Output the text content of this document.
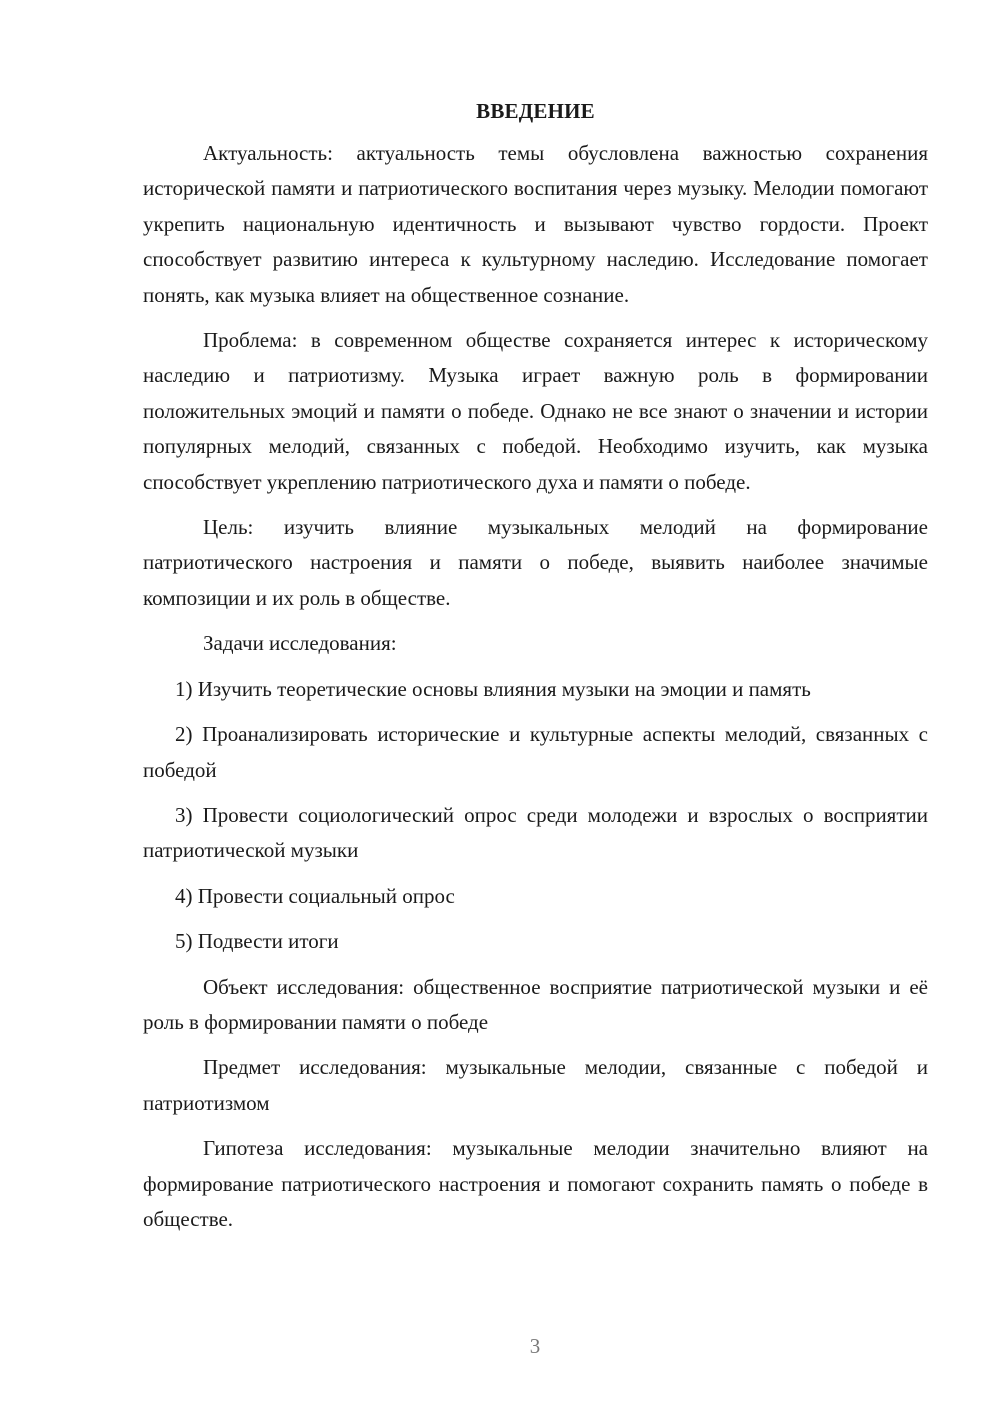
ВВЕДЕНИЕ

Актуальность: актуальность темы обусловлена важностью сохранения исторической памяти и патриотического воспитания через музыку. Мелодии помогают укрепить национальную идентичность и вызывают чувство гордости. Проект способствует развитию интереса к культурному наследию. Исследование помогает понять, как музыка влияет на общественное сознание.

Проблема: в современном обществе сохраняется интерес к историческому наследию и патриотизму. Музыка играет важную роль в формировании положительных эмоций и памяти о победе. Однако не все знают о значении и истории популярных мелодий, связанных с победой. Необходимо изучить, как музыка способствует укреплению патриотического духа и памяти о победе.

Цель: изучить влияние музыкальных мелодий на формирование патриотического настроения и памяти о победе, выявить наиболее значимые композиции и их роль в обществе.

Задачи исследования:

1) Изучить теоретические основы влияния музыки на эмоции и память

2) Проанализировать исторические и культурные аспекты мелодий, связанных с победой

3) Провести социологический опрос среди молодежи и взрослых о восприятии патриотической музыки

4) Провести социальный опрос

5) Подвести итоги

Объект исследования: общественное восприятие патриотической музыки и её роль в формировании памяти о победе

Предмет исследования: музыкальные мелодии, связанные с победой и патриотизмом

Гипотеза исследования: музыкальные мелодии значительно влияют на формирование патриотического настроения и помогают сохранить память о победе в обществе.

3
